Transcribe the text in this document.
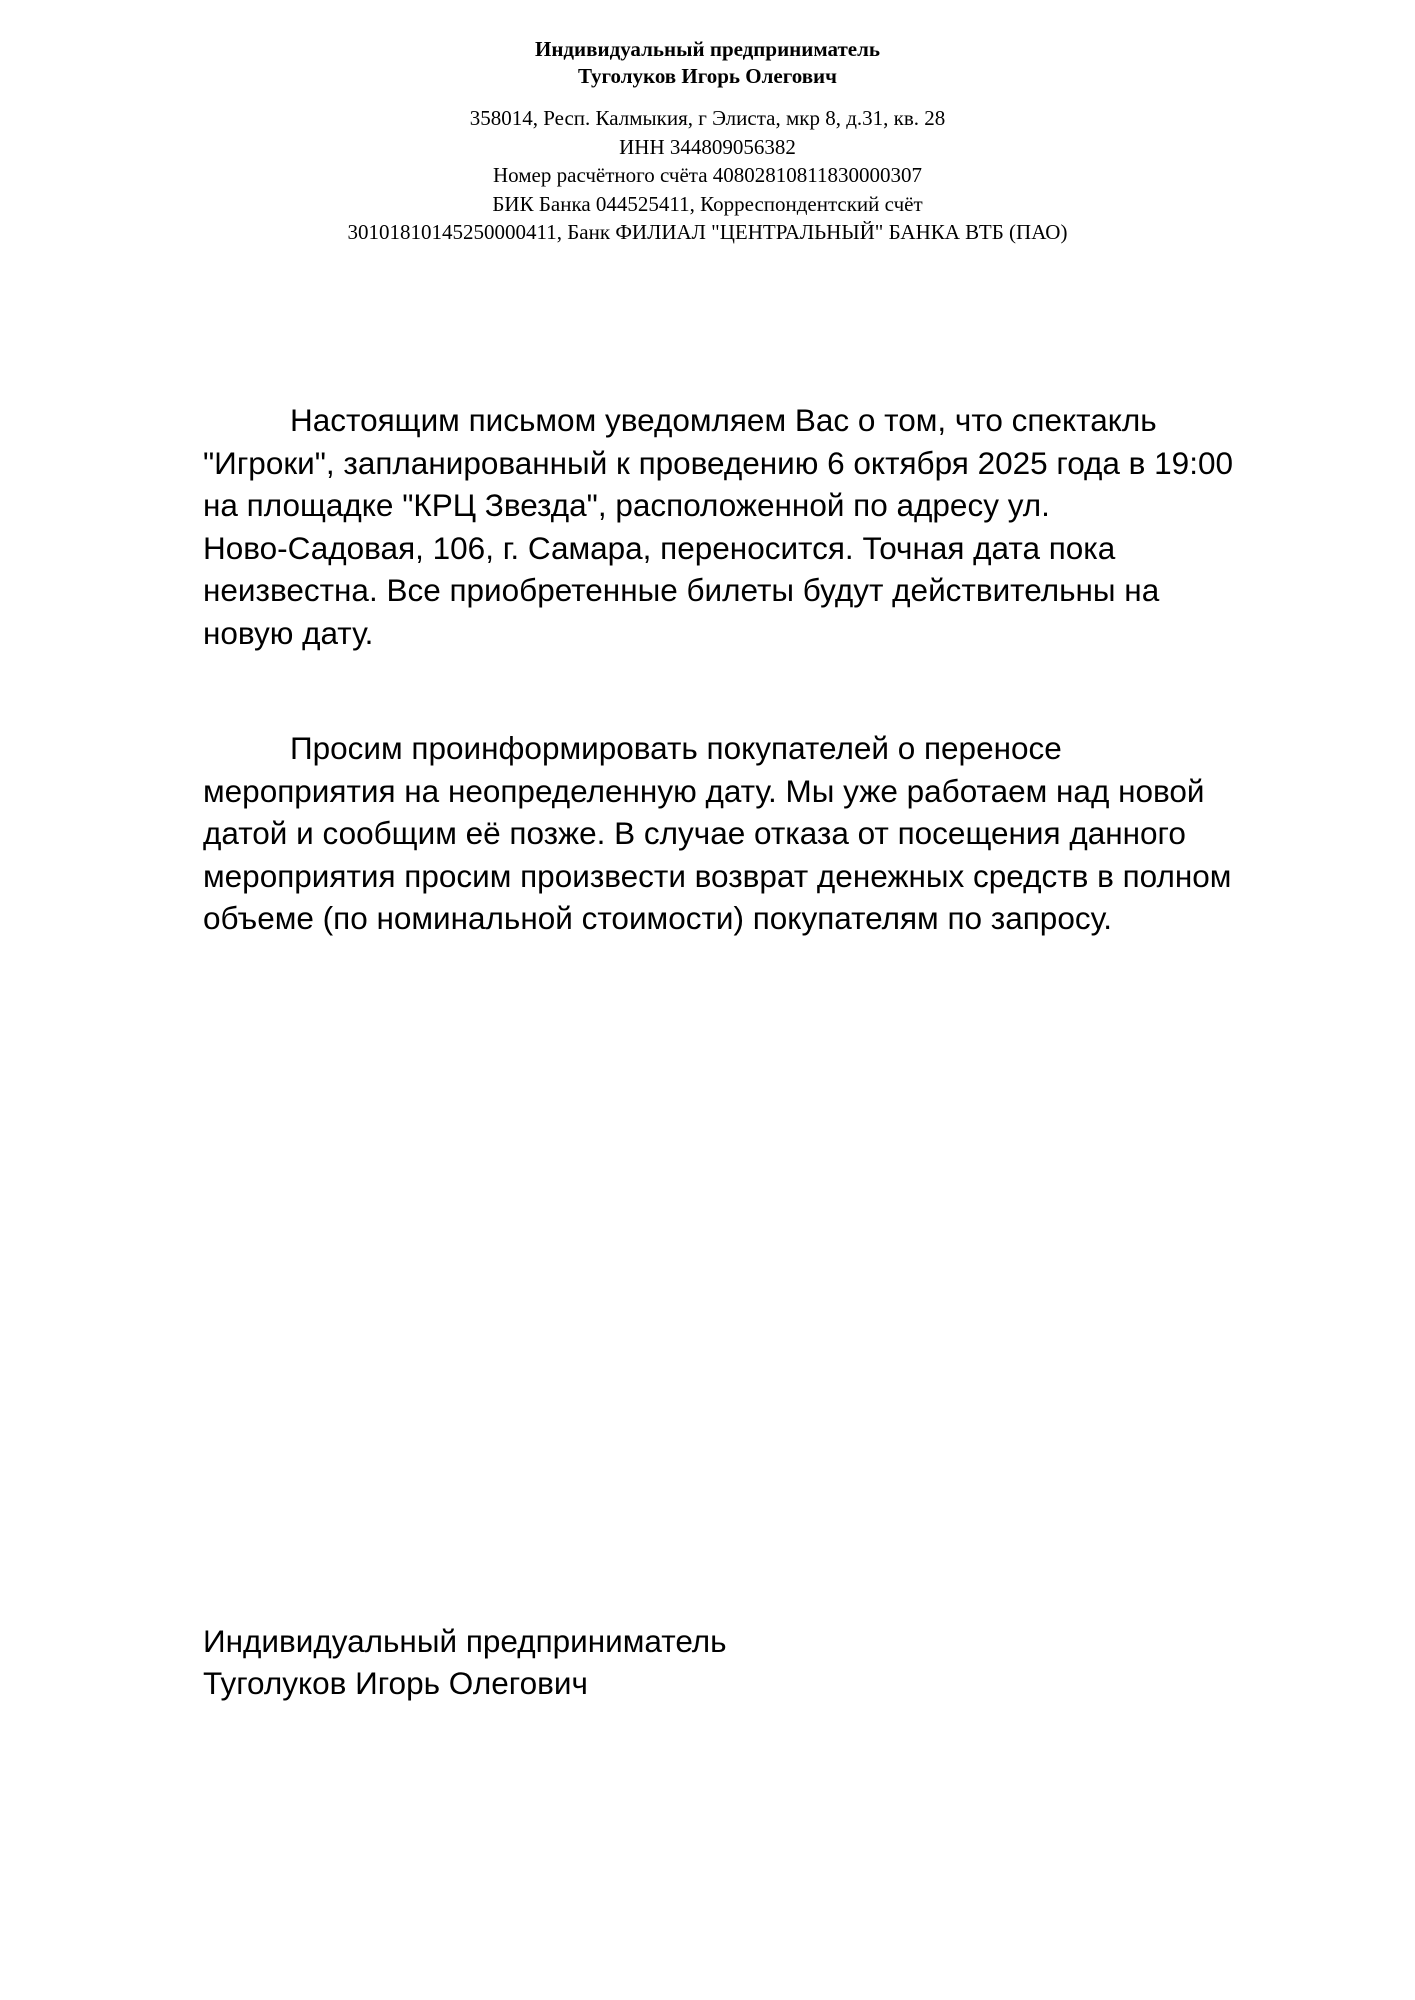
Индивидуальный предприниматель
Туголуков Игорь Олегович
358014, Респ. Калмыкия, г Элиста, мкр 8, д.31, кв. 28
ИНН 344809056382
Номер расчётного счёта 40802810811830000307
БИК Банка 044525411, Корреспондентский счёт
30101810145250000411, Банк ФИЛИАЛ "ЦЕНТРАЛЬНЫЙ" БАНКА ВТБ (ПАО)
Настоящим письмом уведомляем Вас о том, что спектакль
"Игроки", запланированный к проведению 6 октября 2025 года в 19:00
на площадке "КРЦ Звезда", расположенной по адресу ул.
Ново-Садовая, 106, г. Самара, переносится. Точная дата пока
неизвестна. Все приобретенные билеты будут действительны на
новую дату.
Просим проинформировать покупателей о переносе
мероприятия на неопределенную дату. Мы уже работаем над новой
датой и сообщим её позже. В случае отказа от посещения данного
мероприятия просим произвести возврат денежных средств в полном
объеме (по номинальной стоимости) покупателям по запросу.
Индивидуальный предприниматель
Туголуков Игорь Олегович
